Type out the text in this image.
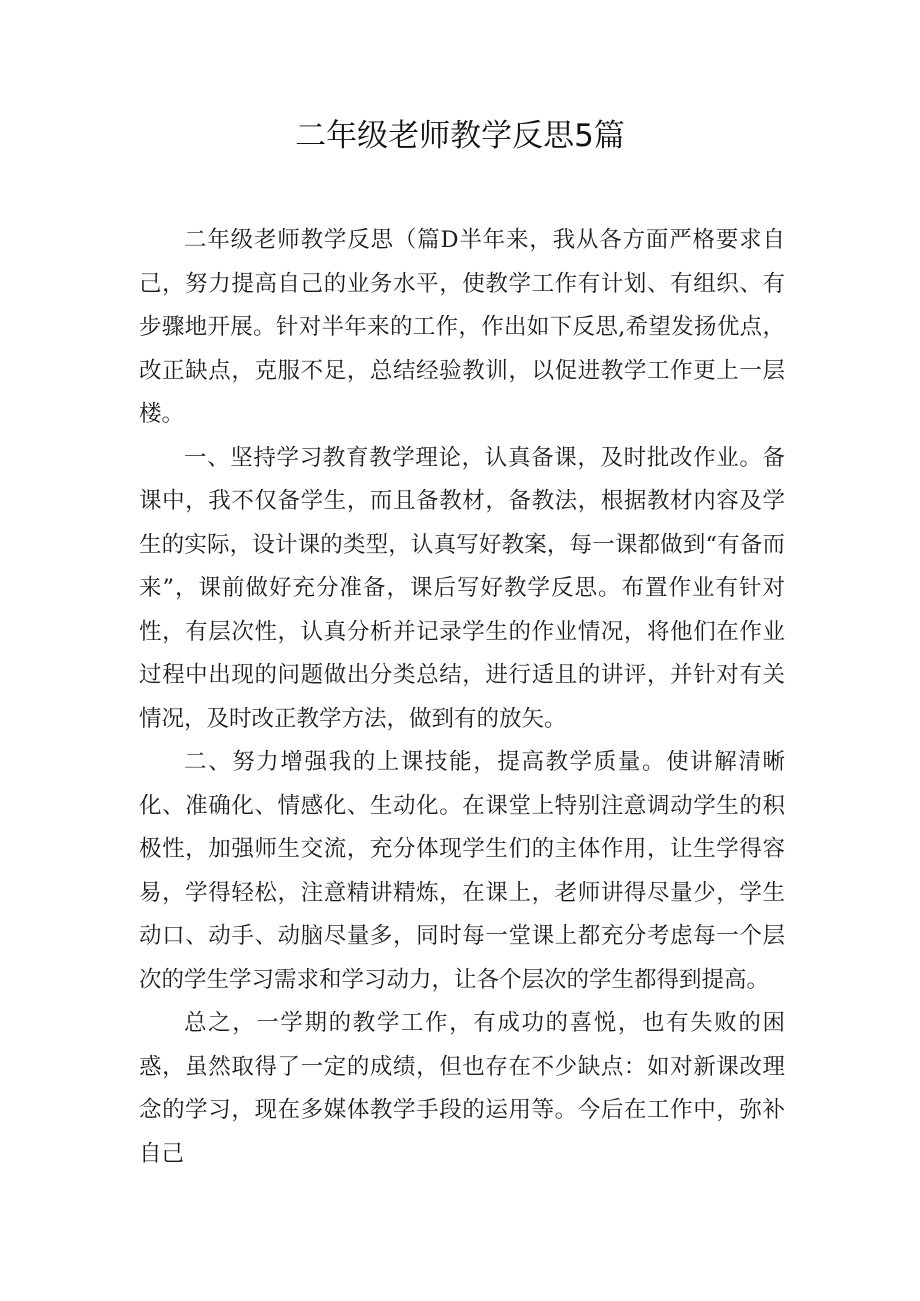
二年级老师教学反思5篇

二年级老师教学反思（篇D半年来，我从各方面严格要求自己，努力提高自己的业务水平，使教学工作有计划、有组织、有步骤地开展。针对半年来的工作，作出如下反思,希望发扬优点，改正缺点，克服不足，总结经验教训，以促进教学工作更上一层楼。

一、坚持学习教育教学理论，认真备课，及时批改作业。备课中，我不仅备学生，而且备教材，备教法，根据教材内容及学生的实际，设计课的类型，认真写好教案，每一课都做到“有备而来”，课前做好充分准备，课后写好教学反思。布置作业有针对性，有层次性，认真分析并记录学生的作业情况，将他们在作业过程中出现的问题做出分类总结，进行适且的讲评，并针对有关情况，及时改正教学方法，做到有的放矢。

二、努力增强我的上课技能，提高教学质量。使讲解清晰化、准确化、情感化、生动化。在课堂上特别注意调动学生的积极性，加强师生交流，充分体现学生们的主体作用，让生学得容易，学得轻松，注意精讲精炼，在课上，老师讲得尽量少，学生动口、动手、动脑尽量多，同时每一堂课上都充分考虑每一个层次的学生学习需求和学习动力，让各个层次的学生都得到提高。

总之，一学期的教学工作，有成功的喜悦，也有失败的困惑，虽然取得了一定的成绩，但也存在不少缺点：如对新课改理念的学习，现在多媒体教学手段的运用等。今后在工作中，弥补自己
